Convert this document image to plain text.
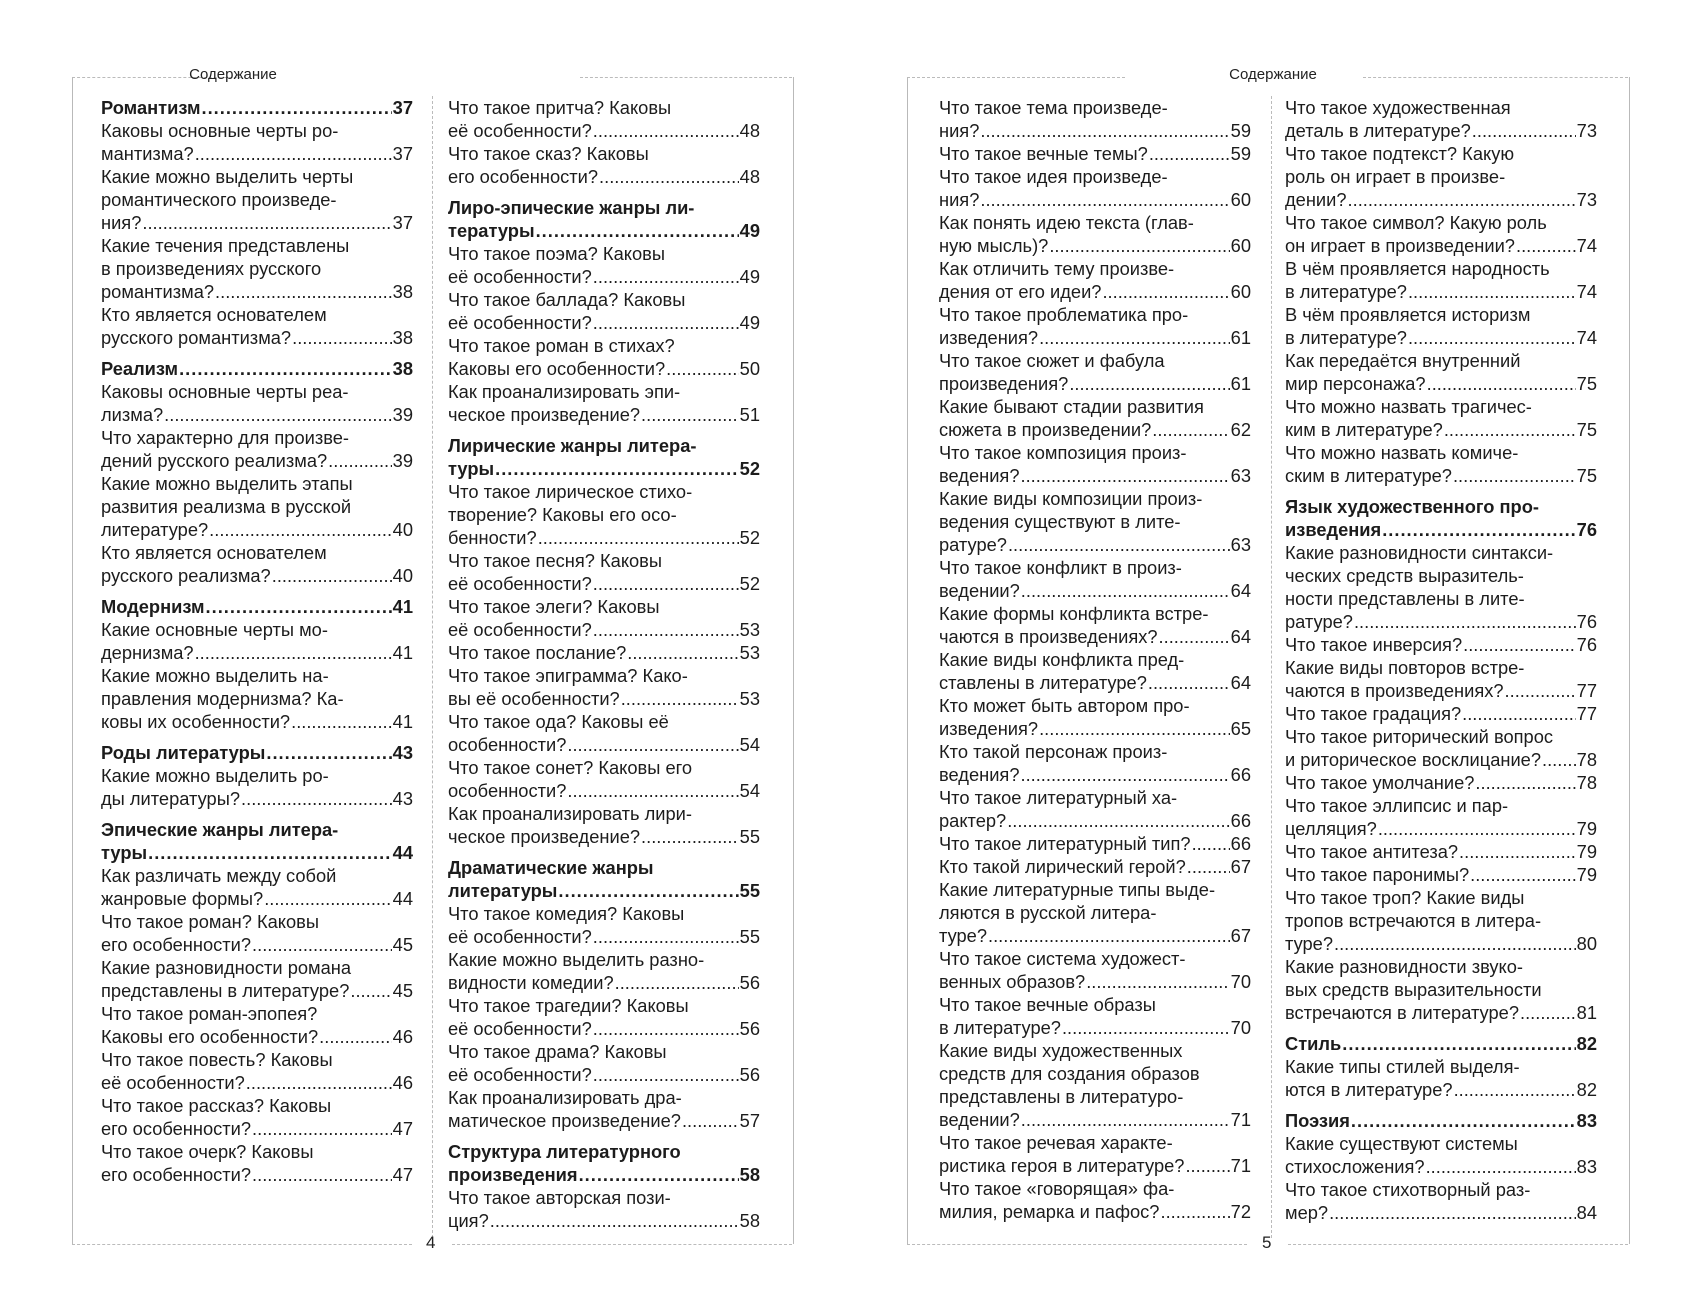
Содержание
Романтизм .....	37
Каковы основные черты ро-
мантизма? .....	37
Какие можно выделить черты
романтического произведе-
ния? .....	37
Какие течения представлены
в произведениях русского
романтизма? .....	38
Кто является основателем
русского романтизма? .....	38
Реализм .....	38
Каковы основные черты реа-
лизма? .....	39
Что характерно для произве-
дений русского реализма? .....	39
Какие можно выделить этапы
развития реализма в русской
литературе? .....	40
Кто является основателем
русского реализма? .....	40
Модернизм .....	41
Какие основные черты мо-
дернизма? .....	41
Какие можно выделить на-
правления модернизма? Ка-
ковы их особенности? .....	41
Роды литературы .....	43
Какие можно выделить ро-
ды литературы? .....	43
Эпические жанры литера-
туры .....	44
Как различать между собой
жанровые формы? .....	44
Что такое роман? Каковы
его особенности? .....	45
Какие разновидности романа
представлены в литературе? ..... 45
Что такое роман-эпопея?
Каковы его особенности? .....	46
Что такое повесть? Каковы
её особенности? .....	46
Что такое рассказ? Каковы
его особенности? .....	47
Что такое очерк? Каковы
его особенности? .....	47
Что такое притча? Каковы
её особенности? .....	48
Что такое сказ? Каковы
его особенности? .....	48
Лиро-эпические жанры ли-
тературы .....	49
Что такое поэма? Каковы
её особенности? .....	49
Что такое баллада? Каковы
её особенности? .....	49
Что такое роман в стихах?
Каковы его особенности? .....	50
Как проанализировать эпи-
ческое произведение? .....	51
Лирические жанры литера-
туры .....	52
Что такое лирическое стихо-
творение? Каковы его осо-
бенности? .....	52
Что такое песня? Каковы
её особенности? .....	52
Что такое элеги? Каковы
её особенности? .....	53
Что такое послание? .....	53
Что такое эпиграмма? Како-
вы её особенности? .....	53
Что такое ода? Каковы её
особенности? .....	54
Что такое сонет? Каковы его
особенности? .....	54
Как проанализировать лири-
ческое произведение? .....	55
Драматические жанры
литературы .....	55
Что такое комедия? Каковы
её особенности? .....	55
Какие можно выделить разно-
видности комедии? .....	56
Что такое трагедии? Каковы
её особенности? .....	56
Что такое драма? Каковы
её особенности? .....	56
Как проанализировать дра-
матическое произведение? .....	57
Структура литературного
произведения .....	58
Что такое авторская пози-
ция? .....	58
4
Содержание
Что такое тема произведе-
ния? .....	59
Что такое вечные темы? .....	59
Что такое идея произведе-
ния? .....	60
Как понять идею текста (глав-
ную мысль)? .....	60
Как отличить тему произве-
дения от его идеи? .....	60
Что такое проблематика про-
изведения? .....	61
Что такое сюжет и фабула
произведения? .....	61
Какие бывают стадии развития
сюжета в произведении? .....	62
Что такое композиция произ-
ведения? .....	63
Какие виды композиции произ-
ведения существуют в лите-
ратуре? .....	63
Что такое конфликт в произ-
ведении? .....	64
Какие формы конфликта встре-
чаются в произведениях? .....	64
Какие виды конфликта пред-
ставлены в литературе? .....	64
Кто может быть автором про-
изведения? .....	65
Кто такой персонаж произ-
ведения? .....	66
Что такое литературный ха-
рактер? .....	66
Что такое литературный тип? ..... 66
Кто такой лирический герой? ..... 67
Какие литературные типы выде-
ляются в русской литера-
туре? .....	67
Что такое система художест-
венных образов? .....	70
Что такое вечные образы
в литературе? .....	70
Какие виды художественных
средств для создания образов
представлены в литературо-
ведении? .....	71
Что такое речевая характе-
ристика героя в литературе? .....	71
Что такое «говорящая» фа-
милия, ремарка и пафос? .....	72
Что такое художественная
деталь в литературе? .....	73
Что такое подтекст? Какую
роль он играет в произве-
дении? .....	73
Что такое символ? Какую роль
он играет в произведении? .....	74
В чём проявляется народность
в литературе? .....	74
В чём проявляется историзм
в литературе? .....	74
Как передаётся внутренний
мир персонажа? .....	75
Что можно назвать трагичес-
ким в литературе? .....	75
Что можно назвать комиче-
ским в литературе? .....	75
Язык художественного про-
изведения .....	76
Какие разновидности синтакси-
ческих средств выразитель-
ности представлены в лите-
ратуре? .....	76
Что такое инверсия? .....	76
Какие виды повторов встре-
чаются в произведениях? .....	77
Что такое градация? .....	77
Что такое риторический вопрос
и риторическое восклицание? ..... 78
Что такое умолчание? .....	78
Что такое эллипсис и пар-
целляция? .....	79
Что такое антитеза? .....	79
Что такое паронимы? .....	79
Что такое троп? Какие виды
тропов встречаются в литера-
туре? .....	80
Какие разновидности звуко-
вых средств выразительности
встречаются в литературе? .....	81
Стиль .....	82
Какие типы стилей выделя-
ются в литературе? .....	82
Поэзия .....	83
Какие существуют системы
стихосложения? .....	83
Что такое стихотворный раз-
мер? .....	84
5
